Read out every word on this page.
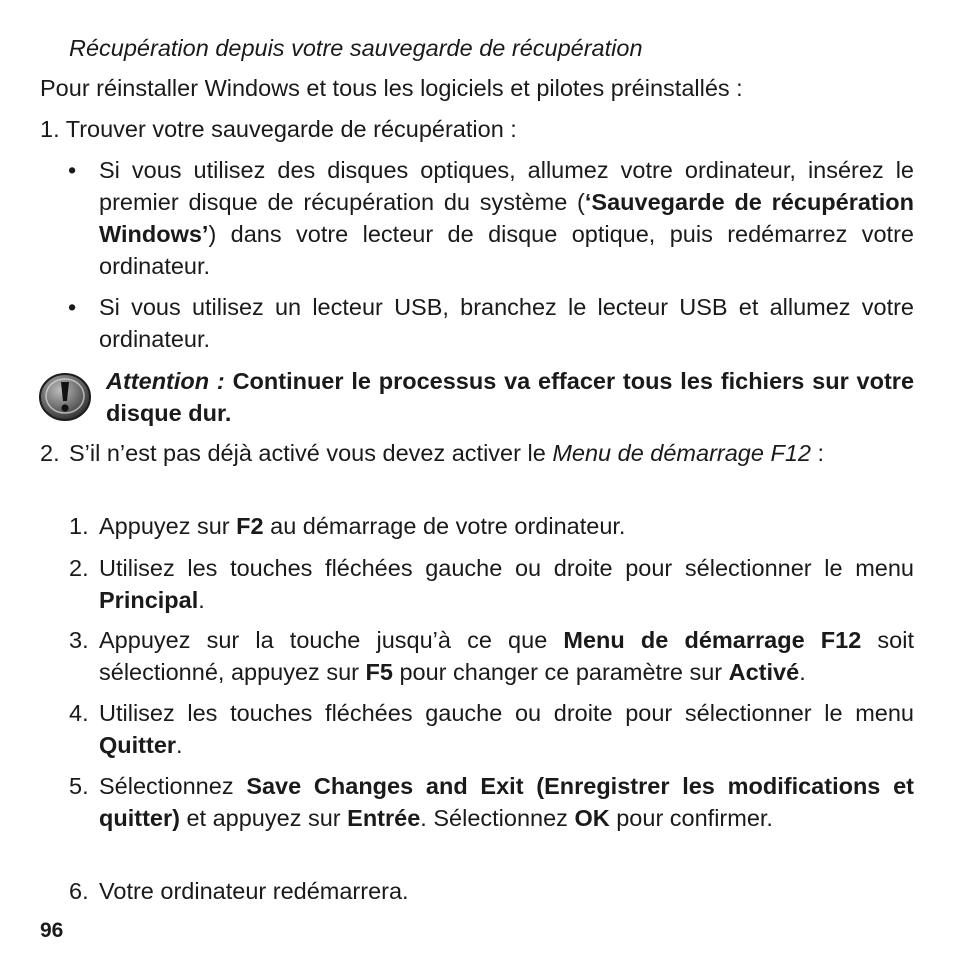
Récupération depuis votre sauvegarde de récupération
Pour réinstaller Windows et tous les logiciels et pilotes préinstallés :
1. Trouver votre sauvegarde de récupération :
• Si vous utilisez des disques optiques, allumez votre ordinateur, insérez le premier disque de récupération du système (‘Sauvegarde de récupération Windows’) dans votre lecteur de disque optique, puis redémarrez votre ordinateur.
• Si vous utilisez un lecteur USB, branchez le lecteur USB et allumez votre ordinateur.
Attention : Continuer le processus va effacer tous les fichiers sur votre disque dur.
2. S’il n’est pas déjà activé vous devez activer le Menu de démarrage F12 :
1. Appuyez sur F2 au démarrage de votre ordinateur.
2. Utilisez les touches fléchées gauche ou droite pour sélectionner le menu Principal.
3. Appuyez sur la touche jusqu’à ce que Menu de démarrage F12 soit sélectionné, appuyez sur F5 pour changer ce paramètre sur Activé.
4. Utilisez les touches fléchées gauche ou droite pour sélectionner le menu Quitter.
5. Sélectionnez Save Changes and Exit (Enregistrer les modifications et quitter) et appuyez sur Entrée. Sélectionnez OK pour confirmer.
6. Votre ordinateur redémarrera.
96
